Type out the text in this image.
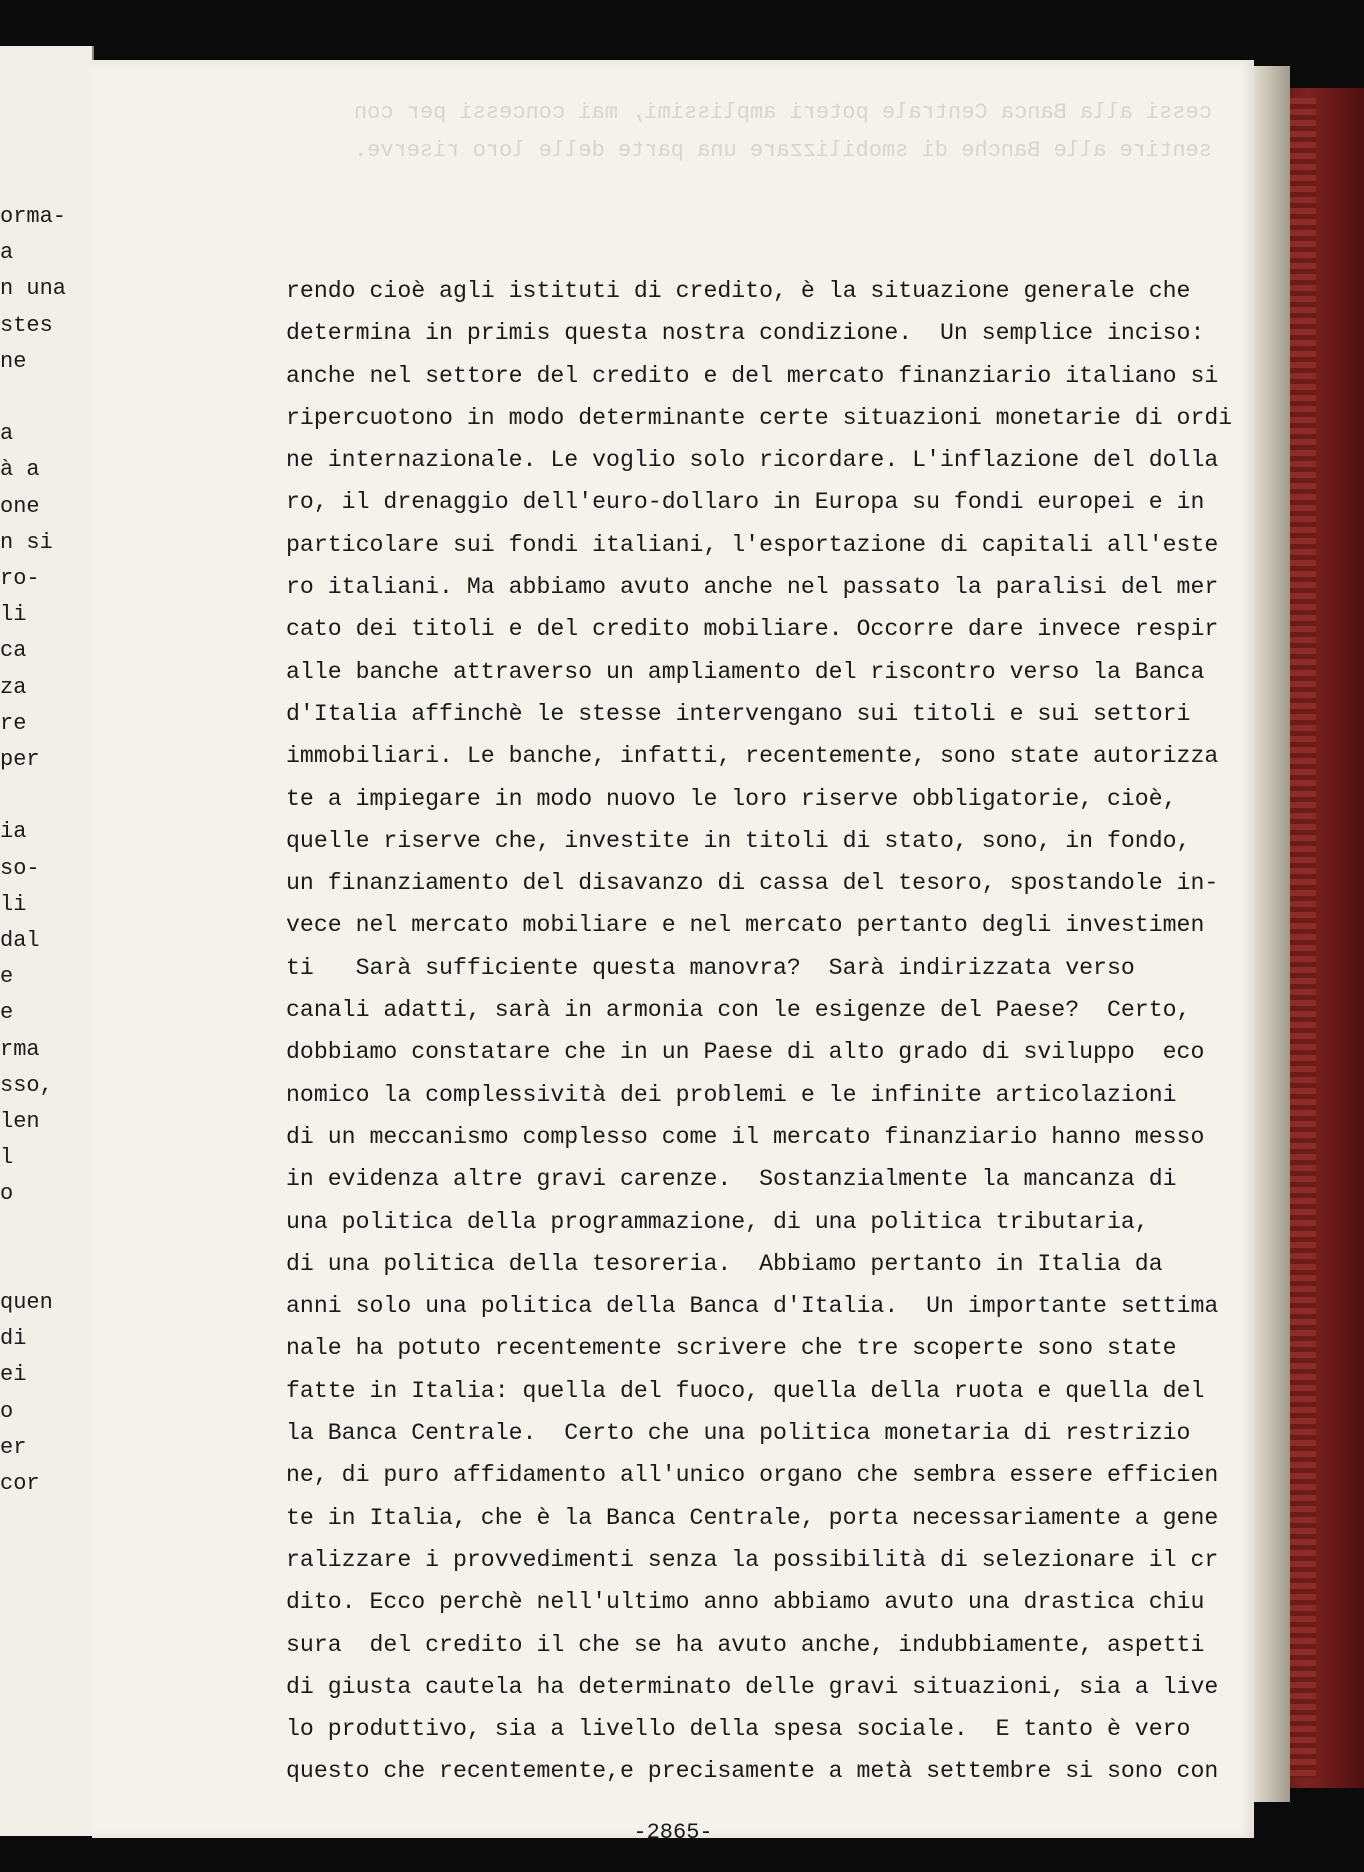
orma-
a
n una
stes
ne
a
à a
one
n si
ro-
li
ca
za
re
per
ia
so-
li
dal
e
e
rma
sso,
len
l
o
quen
di
ei
o
er
cor
cessi alla Banca Centrale poteri amplissimi, mai concessi per con
sentire alle Banche di smobilizzare una parte delle loro riserve.
rendo cioè agli istituti di credito, è la situazione generale che
determina in primis questa nostra condizione.  Un semplice inciso:
anche nel settore del credito e del mercato finanziario italiano si
ripercuotono in modo determinante certe situazioni monetarie di ordi
ne internazionale. Le voglio solo ricordare. L'inflazione del dolla
ro, il drenaggio dell'euro-dollaro in Europa su fondi europei e in
particolare sui fondi italiani, l'esportazione di capitali all'este
ro italiani. Ma abbiamo avuto anche nel passato la paralisi del mer
cato dei titoli e del credito mobiliare. Occorre dare invece respir
alle banche attraverso un ampliamento del riscontro verso la Banca
d'Italia affinchè le stesse intervengano sui titoli e sui settori
immobiliari. Le banche, infatti, recentemente, sono state autorizza
te a impiegare in modo nuovo le loro riserve obbligatorie, cioè,
quelle riserve che, investite in titoli di stato, sono, in fondo,
un finanziamento del disavanzo di cassa del tesoro, spostandole in-
vece nel mercato mobiliare e nel mercato pertanto degli investimen
ti   Sarà sufficiente questa manovra?  Sarà indirizzata verso
canali adatti, sarà in armonia con le esigenze del Paese?  Certo,
dobbiamo constatare che in un Paese di alto grado di sviluppo  eco
nomico la complessività dei problemi e le infinite articolazioni
di un meccanismo complesso come il mercato finanziario hanno messo
in evidenza altre gravi carenze.  Sostanzialmente la mancanza di
una politica della programmazione, di una politica tributaria,
di una politica della tesoreria.  Abbiamo pertanto in Italia da
anni solo una politica della Banca d'Italia.  Un importante settima
nale ha potuto recentemente scrivere che tre scoperte sono state
fatte in Italia: quella del fuoco, quella della ruota e quella del
la Banca Centrale.  Certo che una politica monetaria di restrizio
ne, di puro affidamento all'unico organo che sembra essere efficien
te in Italia, che è la Banca Centrale, porta necessariamente a gene
ralizzare i provvedimenti senza la possibilità di selezionare il cr
dito. Ecco perchè nell'ultimo anno abbiamo avuto una drastica chiu
sura  del credito il che se ha avuto anche, indubbiamente, aspetti
di giusta cautela ha determinato delle gravi situazioni, sia a live
lo produttivo, sia a livello della spesa sociale.  E tanto è vero
questo che recentemente,e precisamente a metà settembre si sono con
-2865-
